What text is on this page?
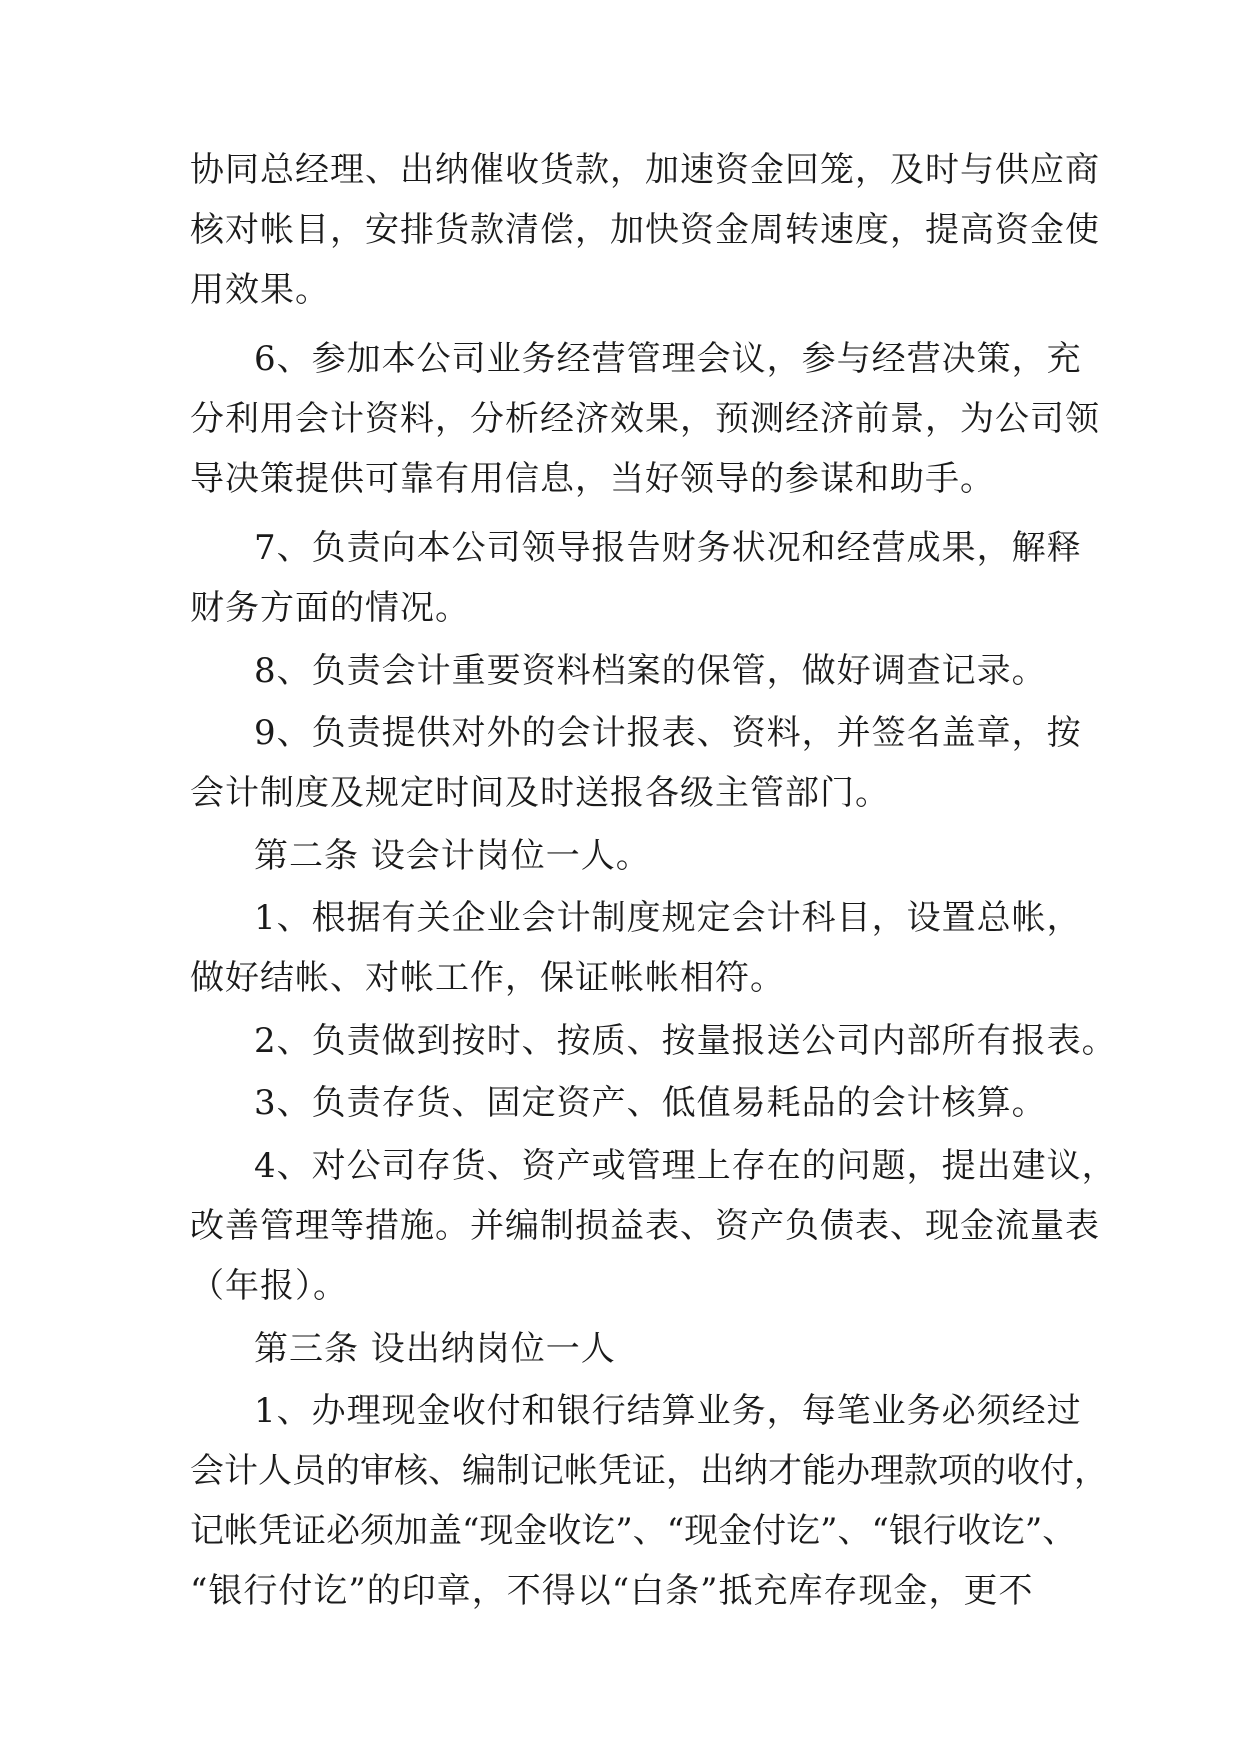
协同总经理、出纳催收货款，加速资金回笼，及时与供应商
核对帐目，安排货款清偿，加快资金周转速度，提高资金使
用效果。
6、参加本公司业务经营管理会议，参与经营决策，充
分利用会计资料，分析经济效果，预测经济前景，为公司领
导决策提供可靠有用信息，当好领导的参谋和助手。
7、负责向本公司领导报告财务状况和经营成果，解释
财务方面的情况。
8、负责会计重要资料档案的保管，做好调查记录。
9、负责提供对外的会计报表、资料，并签名盖章，按
会计制度及规定时间及时送报各级主管部门。
第二条 设会计岗位一人。
1、根据有关企业会计制度规定会计科目，设置总帐，
做好结帐、对帐工作，保证帐帐相符。
2、负责做到按时、按质、按量报送公司内部所有报表。
3、负责存货、固定资产、低值易耗品的会计核算。
4、对公司存货、资产或管理上存在的问题，提出建议，
改善管理等措施。并编制损益表、资产负债表、现金流量表
（年报）。
第三条 设出纳岗位一人
1、办理现金收付和银行结算业务，每笔业务必须经过
会计人员的审核、编制记帐凭证，出纳才能办理款项的收付，
记帐凭证必须加盖“现金收讫”、“现金付讫”、“银行收讫”、
“银行付讫”的印章，不得以“白条”抵充库存现金，更不
